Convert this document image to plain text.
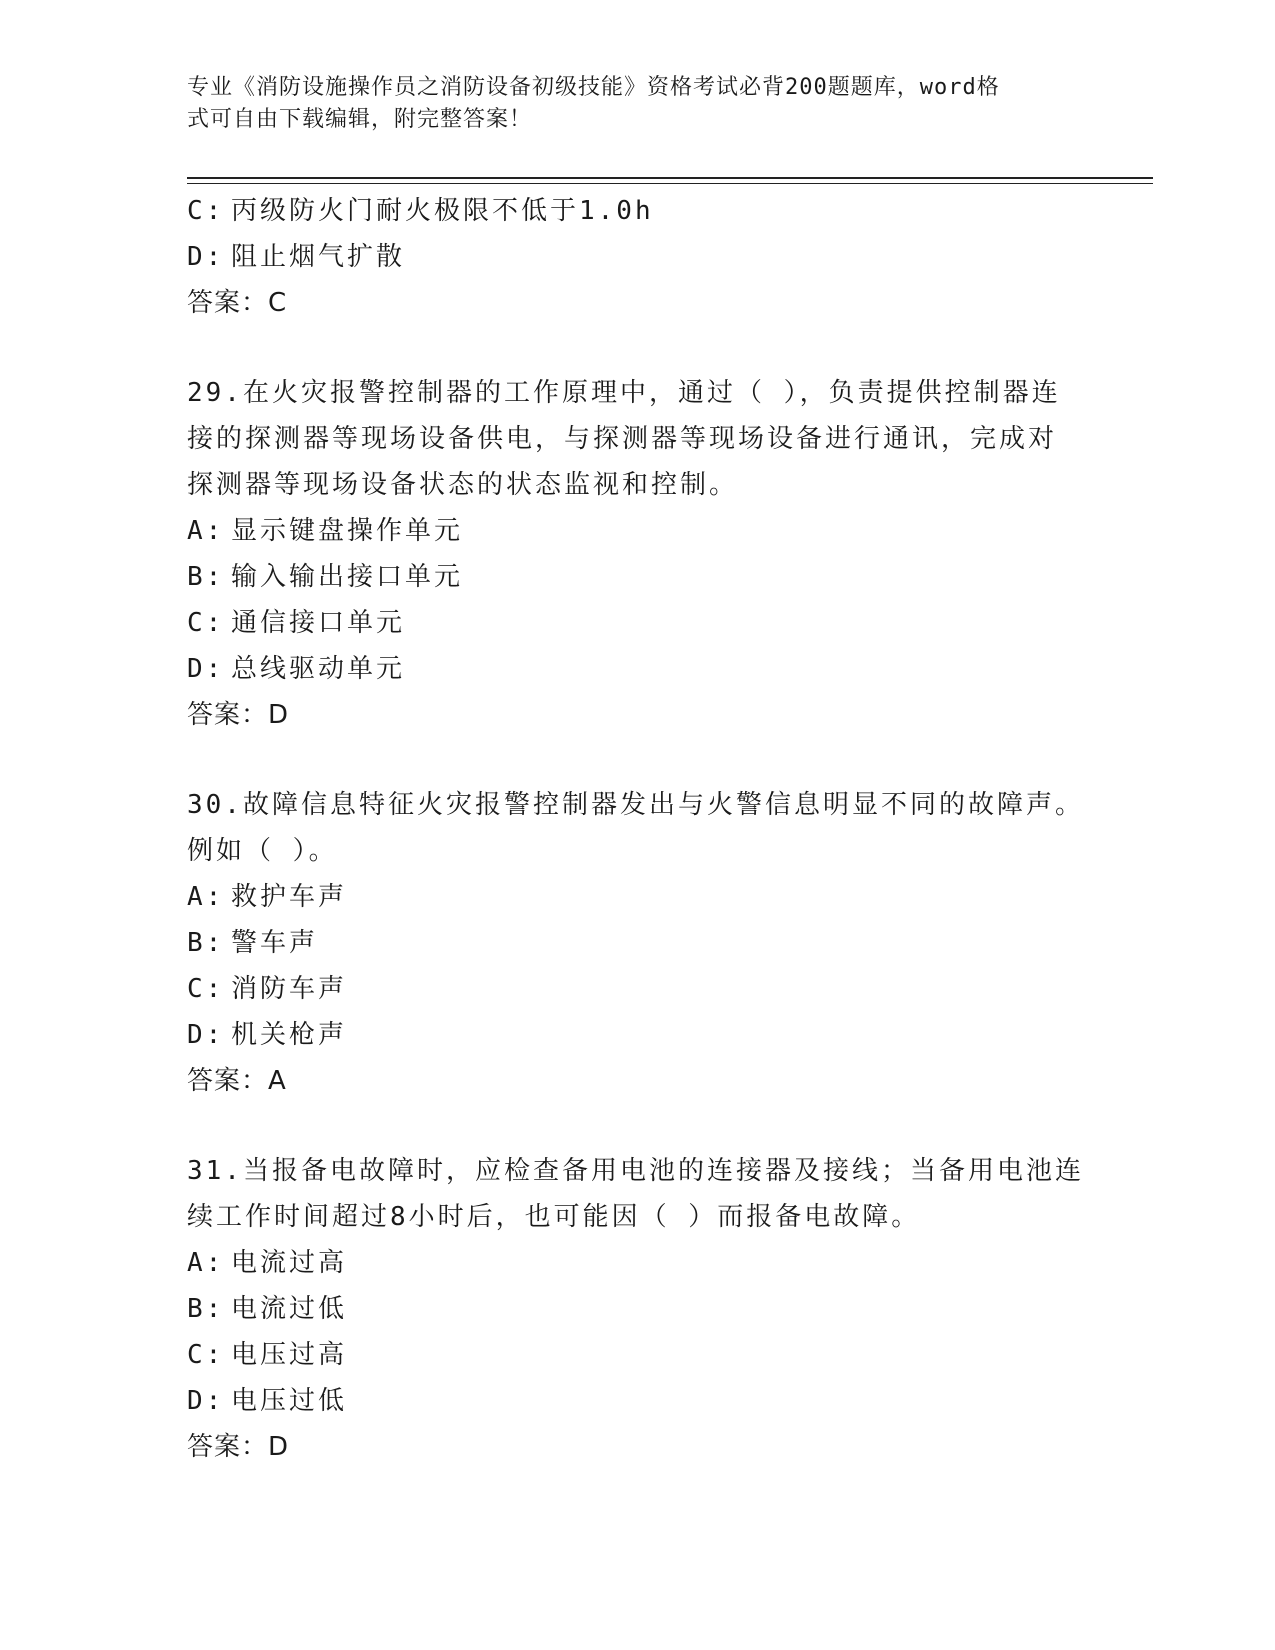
专业《消防设施操作员之消防设备初级技能》资格考试必背200题题库，word格
式可自由下载编辑，附完整答案！
C: 丙级防火门耐火极限不低于1.0h
D: 阻止烟气扩散
答案：C
29.在火灾报警控制器的工作原理中，通过（ ），负责提供控制器连
接的探测器等现场设备供电，与探测器等现场设备进行通讯，完成对
探测器等现场设备状态的状态监视和控制。
A: 显示键盘操作单元
B: 输入输出接口单元
C: 通信接口单元
D: 总线驱动单元
答案：D
30.故障信息特征火灾报警控制器发出与火警信息明显不同的故障声。
例如（ ）。
A: 救护车声
B: 警车声
C: 消防车声
D: 机关枪声
答案：A
31.当报备电故障时，应检查备用电池的连接器及接线；当备用电池连
续工作时间超过8小时后，也可能因（ ）而报备电故障。
A: 电流过高
B: 电流过低
C: 电压过高
D: 电压过低
答案：D
